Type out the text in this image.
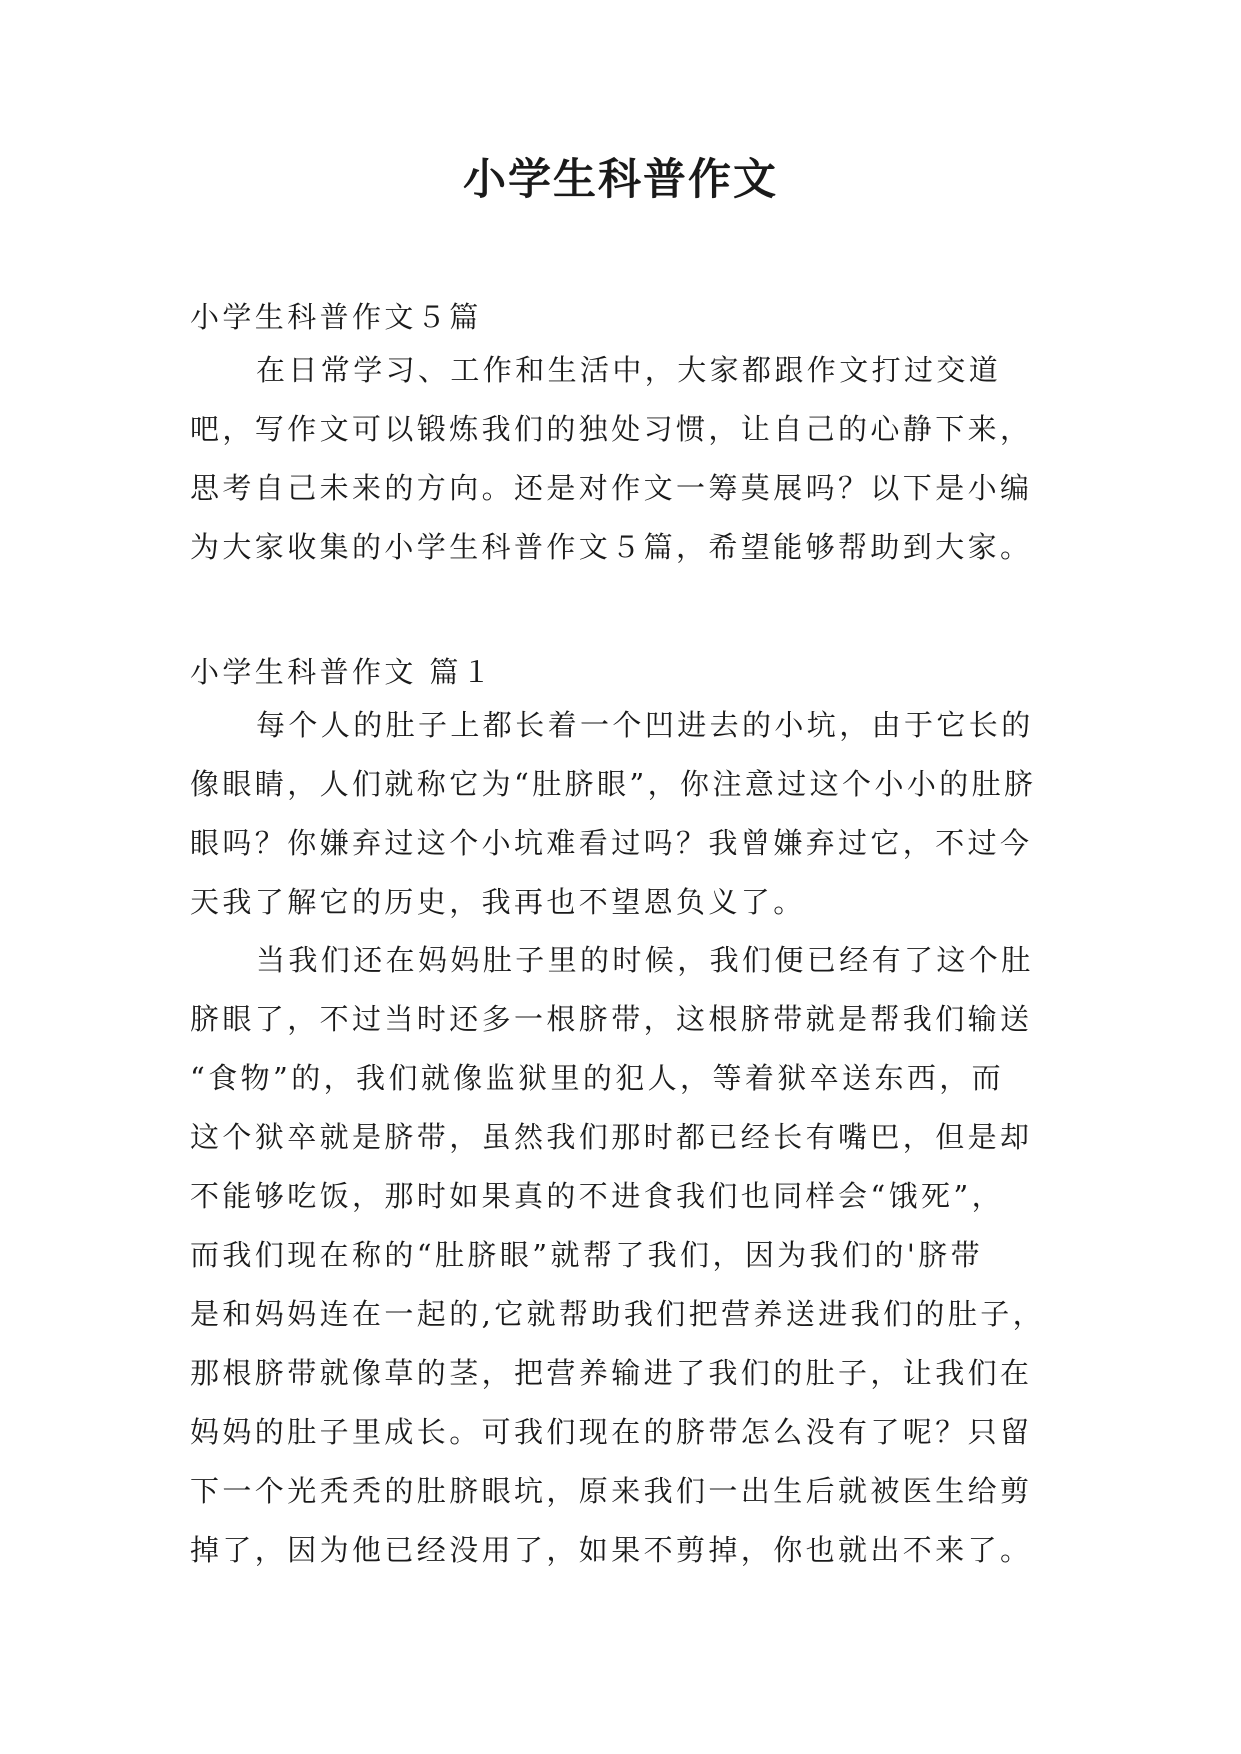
小学生科普作文

小学生科普作文５篇

在日常学习、工作和生活中，大家都跟作文打过交道吧，写作文可以锻炼我们的独处习惯，让自己的心静下来，思考自己未来的方向。还是对作文一筹莫展吗？以下是小编为大家收集的小学生科普作文５篇，希望能够帮助到大家。

小学生科普作文 篇１

每个人的肚子上都长着一个凹进去的小坑，由于它长的像眼睛，人们就称它为“肚脐眼”，你注意过这个小小的肚脐眼吗？你嫌弃过这个小坑难看过吗？我曾嫌弃过它，不过今天我了解它的历史，我再也不望恩负义了。

当我们还在妈妈肚子里的时候，我们便已经有了这个肚
脐眼了，不过当时还多一根脐带，这根脐带就是帮我们输送
“食物”的，我们就像监狱里的犯人，等着狱卒送东西，而
这个狱卒就是脐带，虽然我们那时都已经长有嘴巴，但是却
不能够吃饭，那时如果真的不进食我们也同样会“饿死”，
而我们现在称的“肚脐眼”就帮了我们，因为我们的'脐带
是和妈妈连在一起的,它就帮助我们把营养送进我们的肚子，
那根脐带就像草的茎，把营养输进了我们的肚子，让我们在
妈妈的肚子里成长。可我们现在的脐带怎么没有了呢？只留
下一个光秃秃的肚脐眼坑，原来我们一出生后就被医生给剪
掉了，因为他已经没用了，如果不剪掉，你也就出不来了。
